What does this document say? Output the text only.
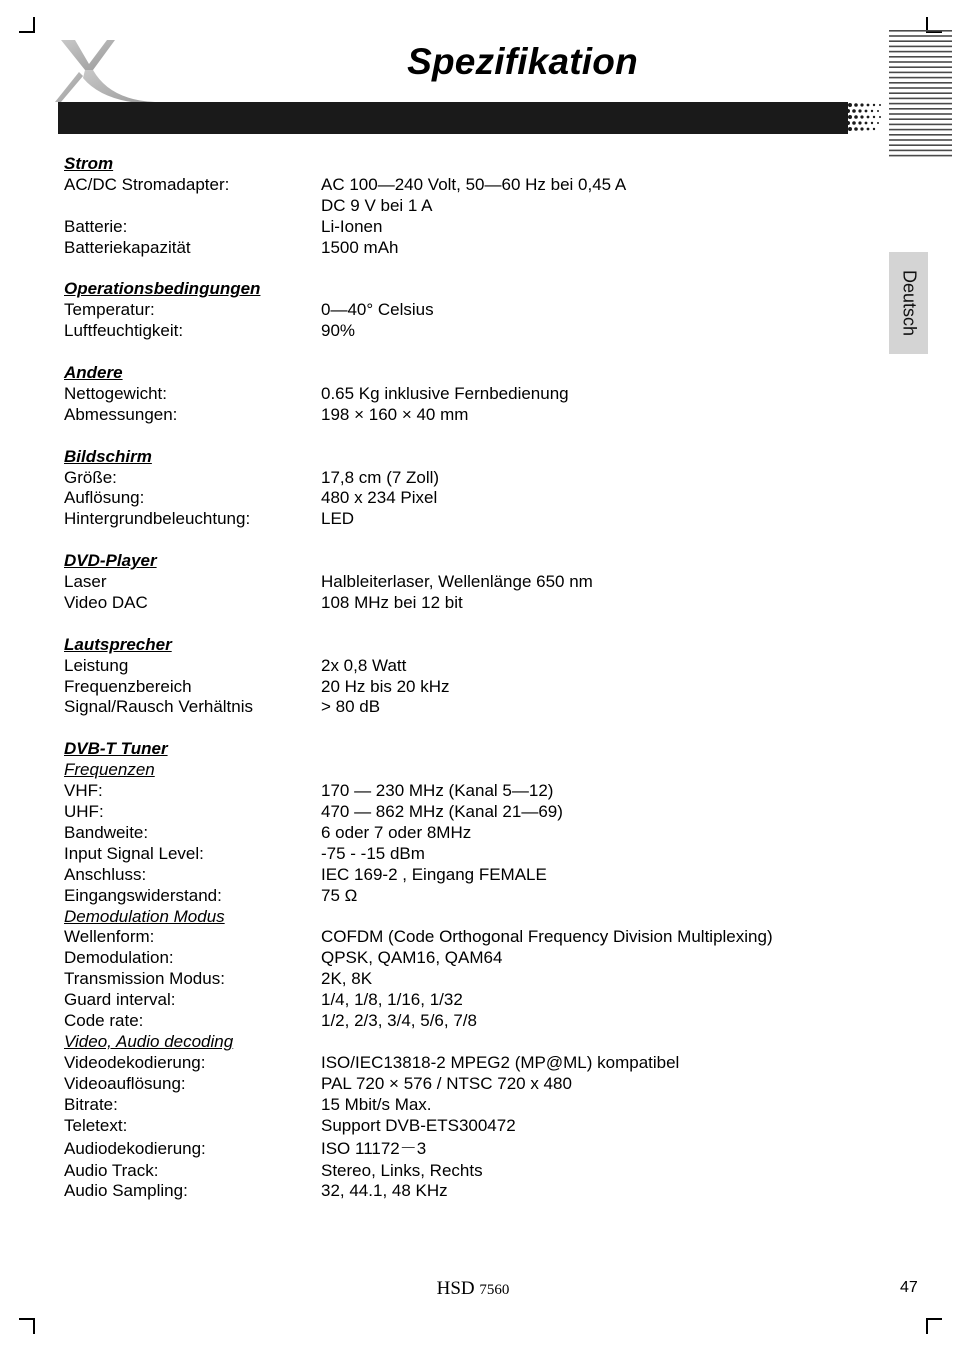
Spezifikation
Deutsch
Strom
AC/DC Stromadapter:	AC 100—240 Volt, 50—60 Hz bei 0,45 A
DC 9 V bei 1 A
Batterie:	Li-Ionen
Batteriekapazität	1500 mAh
Operationsbedingungen
Temperatur:	0—40° Celsius
Luftfeuchtigkeit:	90%
Andere
Nettogewicht:	0.65 Kg inklusive Fernbedienung
Abmessungen:	198 × 160 × 40 mm
Bildschirm
Größe:	17,8 cm (7 Zoll)
Auflösung:	480 x 234 Pixel
Hintergrundbeleuchtung:	LED
DVD-Player
Laser	Halbleiterlaser, Wellenlänge 650 nm
Video DAC	108 MHz bei 12 bit
Lautsprecher
Leistung	2x 0,8 Watt
Frequenzbereich	20 Hz bis 20 kHz
Signal/Rausch Verhältnis	> 80 dB
DVB-T Tuner
Frequenzen
VHF:	170 — 230 MHz (Kanal 5—12)
UHF:	470 — 862 MHz (Kanal 21—69)
Bandweite:	6 oder 7 oder 8MHz
Input Signal Level:	-75 - -15 dBm
Anschluss:	IEC 169-2 , Eingang FEMALE
Eingangswiderstand:	75 Ω
Demodulation Modus
Wellenform:	COFDM (Code Orthogonal Frequency Division Multiplexing)
Demodulation:	QPSK, QAM16, QAM64
Transmission Modus:	2K, 8K
Guard interval:	1/4, 1/8, 1/16, 1/32
Code rate:	1/2, 2/3, 3/4, 5/6, 7/8
Video, Audio decoding
Videodekodierung:	ISO/IEC13818-2 MPEG2 (MP@ML) kompatibel
Videoauflösung:	PAL 720 × 576 / NTSC 720 x 480
Bitrate:	15 Mbit/s Max.
Teletext:	Support DVB-ETS300472
Audiodekodierung:	ISO 11172－3
Audio Track:	Stereo, Links, Rechts
Audio Sampling:	32, 44.1, 48 KHz
HSD 7560	47
